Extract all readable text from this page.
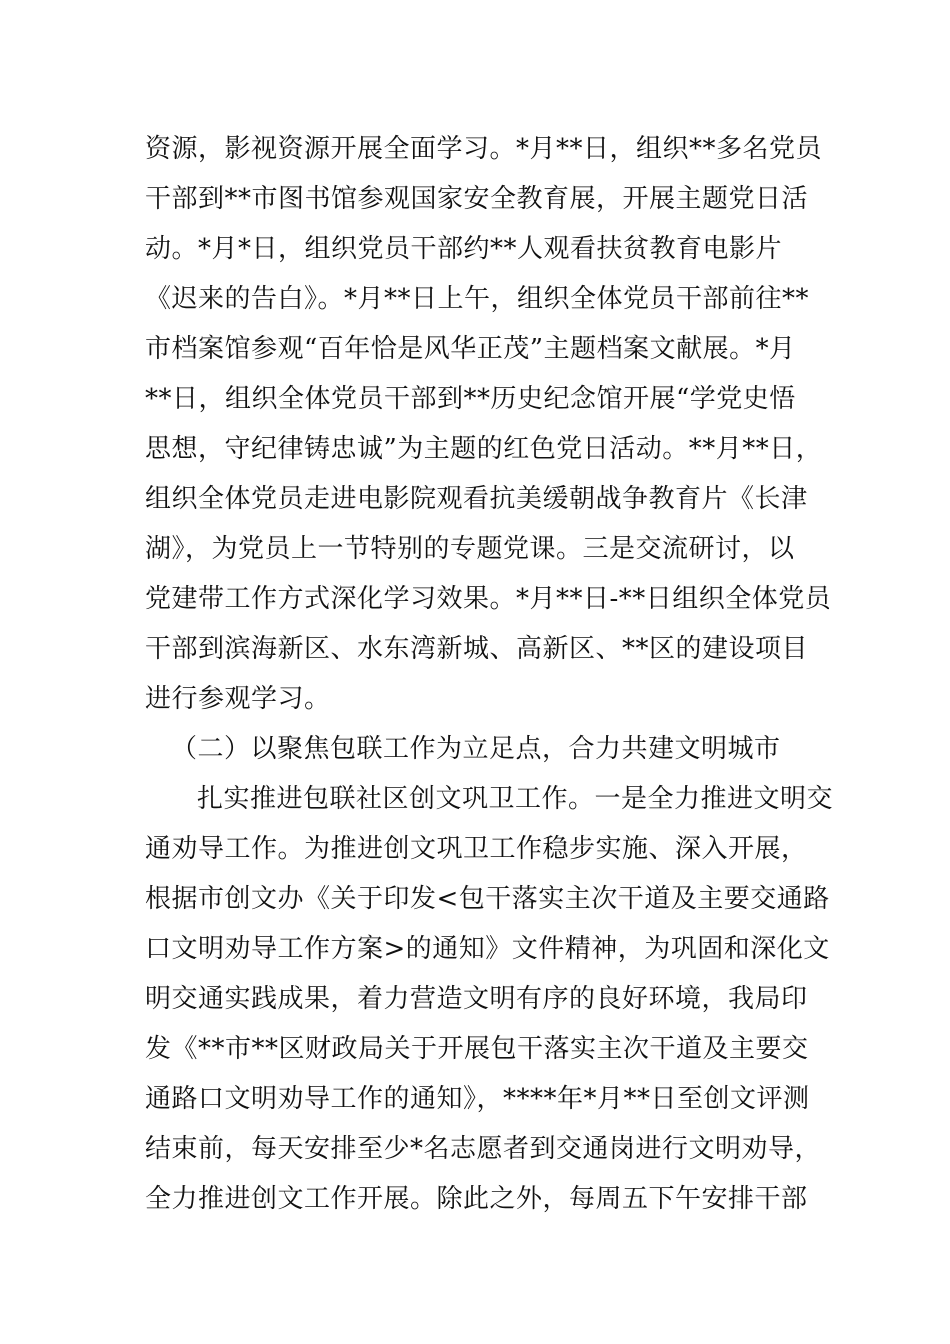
资源，影视资源开展全面学习。*月**日，组织**多名党员
干部到**市图书馆参观国家安全教育展，开展主题党日活
动。*月*日，组织党员干部约**人观看扶贫教育电影片
《迟来的告白》。*月**日上午，组织全体党员干部前往**
市档案馆参观“百年恰是风华正茂”主题档案文献展。*月
**日，组织全体党员干部到**历史纪念馆开展“学党史悟
思想，守纪律铸忠诚”为主题的红色党日活动。**月**日，
组织全体党员走进电影院观看抗美缓朝战争教育片《长津
湖》，为党员上一节特别的专题党课。三是交流研讨，以
党建带工作方式深化学习效果。*月**日-**日组织全体党员
干部到滨海新区、水东湾新城、高新区、**区的建设项目
进行参观学习。
（二）以聚焦包联工作为立足点，合力共建文明城市
扎实推进包联社区创文巩卫工作。一是全力推进文明交
通劝导工作。为推进创文巩卫工作稳步实施、深入开展，
根据市创文办《关于印发<包干落实主次干道及主要交通路
口文明劝导工作方案>的通知》文件精神，为巩固和深化文
明交通实践成果，着力营造文明有序的良好环境，我局印
发《**市**区财政局关于开展包干落实主次干道及主要交
通路口文明劝导工作的通知》，****年*月**日至创文评测
结束前，每天安排至少*名志愿者到交通岗进行文明劝导，
全力推进创文工作开展。除此之外，每周五下午安排干部
